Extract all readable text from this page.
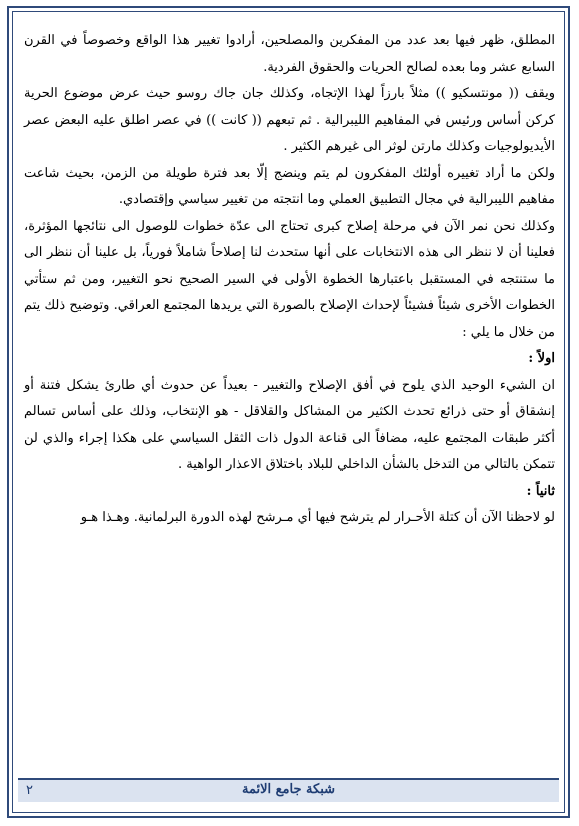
المطلق، ظهر فيها بعد عدد من المفكرين والمصلحين، أرادوا تغيير هذا الواقع وخصوصاً في القرن السابع عشر وما بعده لصالح الحريات والحقوق الفردية.

ويقف (( مونتسكيو )) مثلاً بارزاً لهذا الإتجاه، وكذلك جان جاك روسو حيث عرض موضوع الحرية كركن أساس ورئيس في المفاهيم الليبرالية . ثم تبعهم (( كانت )) في عصر اطلق عليه البعض عصر الأيديولوجيات وكذلك مارتن لوثر الى غيرهم الكثير .

ولكن ما أراد تغييره أولئك المفكرون لم يتم وينضج إلّا بعد فترة طويلة من الزمن، بحيث شاعت مفاهيم الليبرالية في مجال التطبيق العملي وما انتجته من تغيير سياسي وإقتصادي.

وكذلك نحن نمر الآن في مرحلة إصلاح كبرى تحتاج الى عدّة خطوات للوصول الى نتائجها المؤثرة، فعلينا أن لا ننظر الى هذه الانتخابات على أنها ستحدث لنا إصلاحاً شاملاً فورياً، بل علينا أن ننظر الى ما ستنتجه في المستقبل باعتبارها الخطوة الأولى في السير الصحيح نحو التغيير، ومن ثم ستأتي الخطوات الأخرى شيئاً فشيئاً لإحداث الإصلاح بالصورة التي يريدها المجتمع العراقي. وتوضيح ذلك يتم من خلال ما يلي :

اولاً :

ان الشيء الوحيد الذي يلوح في أفق الإصلاح والتغيير - بعيداً عن حدوث أي طارئ يشكل فتنة أو إنشقاق أو حتى ذرائع تحدث الكثير من المشاكل والقلاقل - هو الإنتخاب، وذلك على أساس تسالم أكثر طبقات المجتمع عليه، مضافاً الى قناعة الدول ذات الثقل السياسي على هكذا إجراء والذي لن تتمكن بالتالي من التدخل بالشأن الداخلي للبلاد باختلاق الاعذار الواهية .

ثانياً :

لو لاحظنا الآن أن كتلة الأحـرار لم يترشح فيها أي مـرشح لهذه الدورة البرلمانية. وهـذا هـو

شبكة جامع الائمة
٢
